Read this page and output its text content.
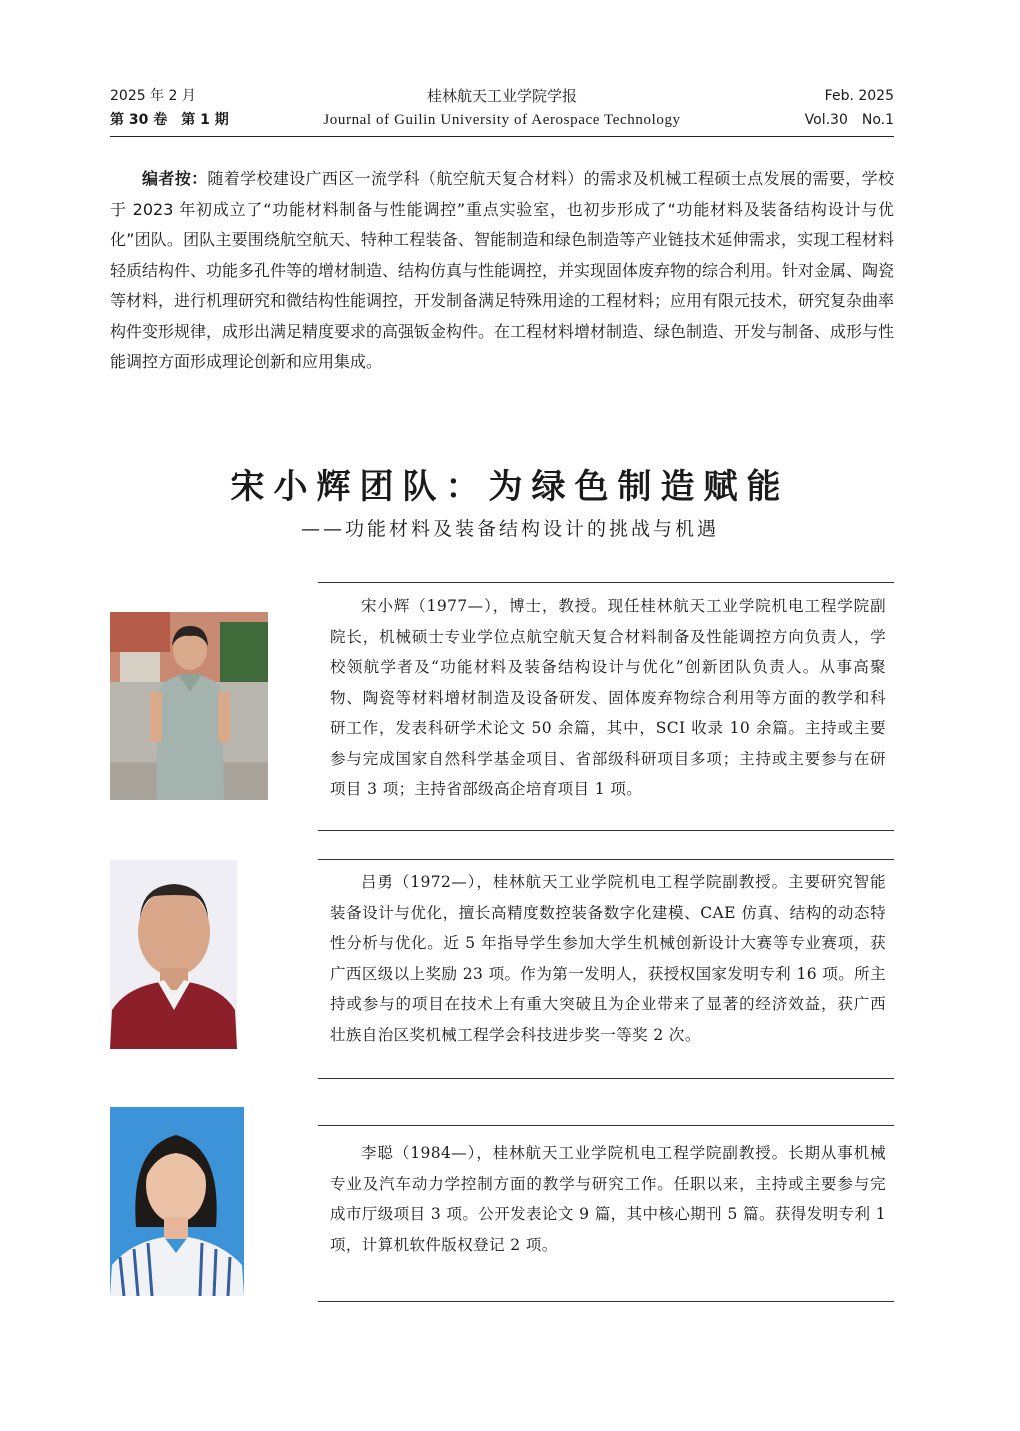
2025 年 2 月
第 30 卷　第 1 期
桂林航天工业学院学报
Journal of Guilin University of Aerospace Technology
Feb. 2025
Vol.30　No.1
编者按：随着学校建设广西区一流学科（航空航天复合材料）的需求及机械工程硕士点发展的需要，学校于 2023 年初成立了“功能材料制备与性能调控”重点实验室，也初步形成了“功能材料及装备结构设计与优化”团队。团队主要围绕航空航天、特种工程装备、智能制造和绿色制造等产业链技术延伸需求，实现工程材料轻质结构件、功能多孔件等的增材制造、结构仿真与性能调控，并实现固体废弃物的综合利用。针对金属、陶瓷等材料，进行机理研究和微结构性能调控，开发制备满足特殊用途的工程材料；应用有限元技术，研究复杂曲率构件变形规律，成形出满足精度要求的高强钣金构件。在工程材料增材制造、绿色制造、开发与制备、成形与性能调控方面形成理论创新和应用集成。
宋小辉团队：为绿色制造赋能
——功能材料及装备结构设计的挑战与机遇
宋小辉（1977—），博士，教授。现任桂林航天工业学院机电工程学院副院长，机械硕士专业学位点航空航天复合材料制备及性能调控方向负责人，学校领航学者及“功能材料及装备结构设计与优化”创新团队负责人。从事高聚物、陶瓷等材料增材制造及设备研发、固体废弃物综合利用等方面的教学和科研工作，发表科研学术论文 50 余篇，其中，SCI 收录 10 余篇。主持或主要参与完成国家自然科学基金项目、省部级科研项目多项；主持或主要参与在研项目 3 项；主持省部级高企培育项目 1 项。
吕勇（1972—），桂林航天工业学院机电工程学院副教授。主要研究智能装备设计与优化，擅长高精度数控装备数字化建模、CAE 仿真、结构的动态特性分析与优化。近 5 年指导学生参加大学生机械创新设计大赛等专业赛项，获广西区级以上奖励 23 项。作为第一发明人，获授权国家发明专利 16 项。所主持或参与的项目在技术上有重大突破且为企业带来了显著的经济效益，获广西壮族自治区奖机械工程学会科技进步奖一等奖 2 次。
李聪（1984—），桂林航天工业学院机电工程学院副教授。长期从事机械专业及汽车动力学控制方面的教学与研究工作。任职以来，主持或主要参与完成市厅级项目 3 项。公开发表论文 9 篇，其中核心期刊 5 篇。获得发明专利 1 项，计算机软件版权登记 2 项。
